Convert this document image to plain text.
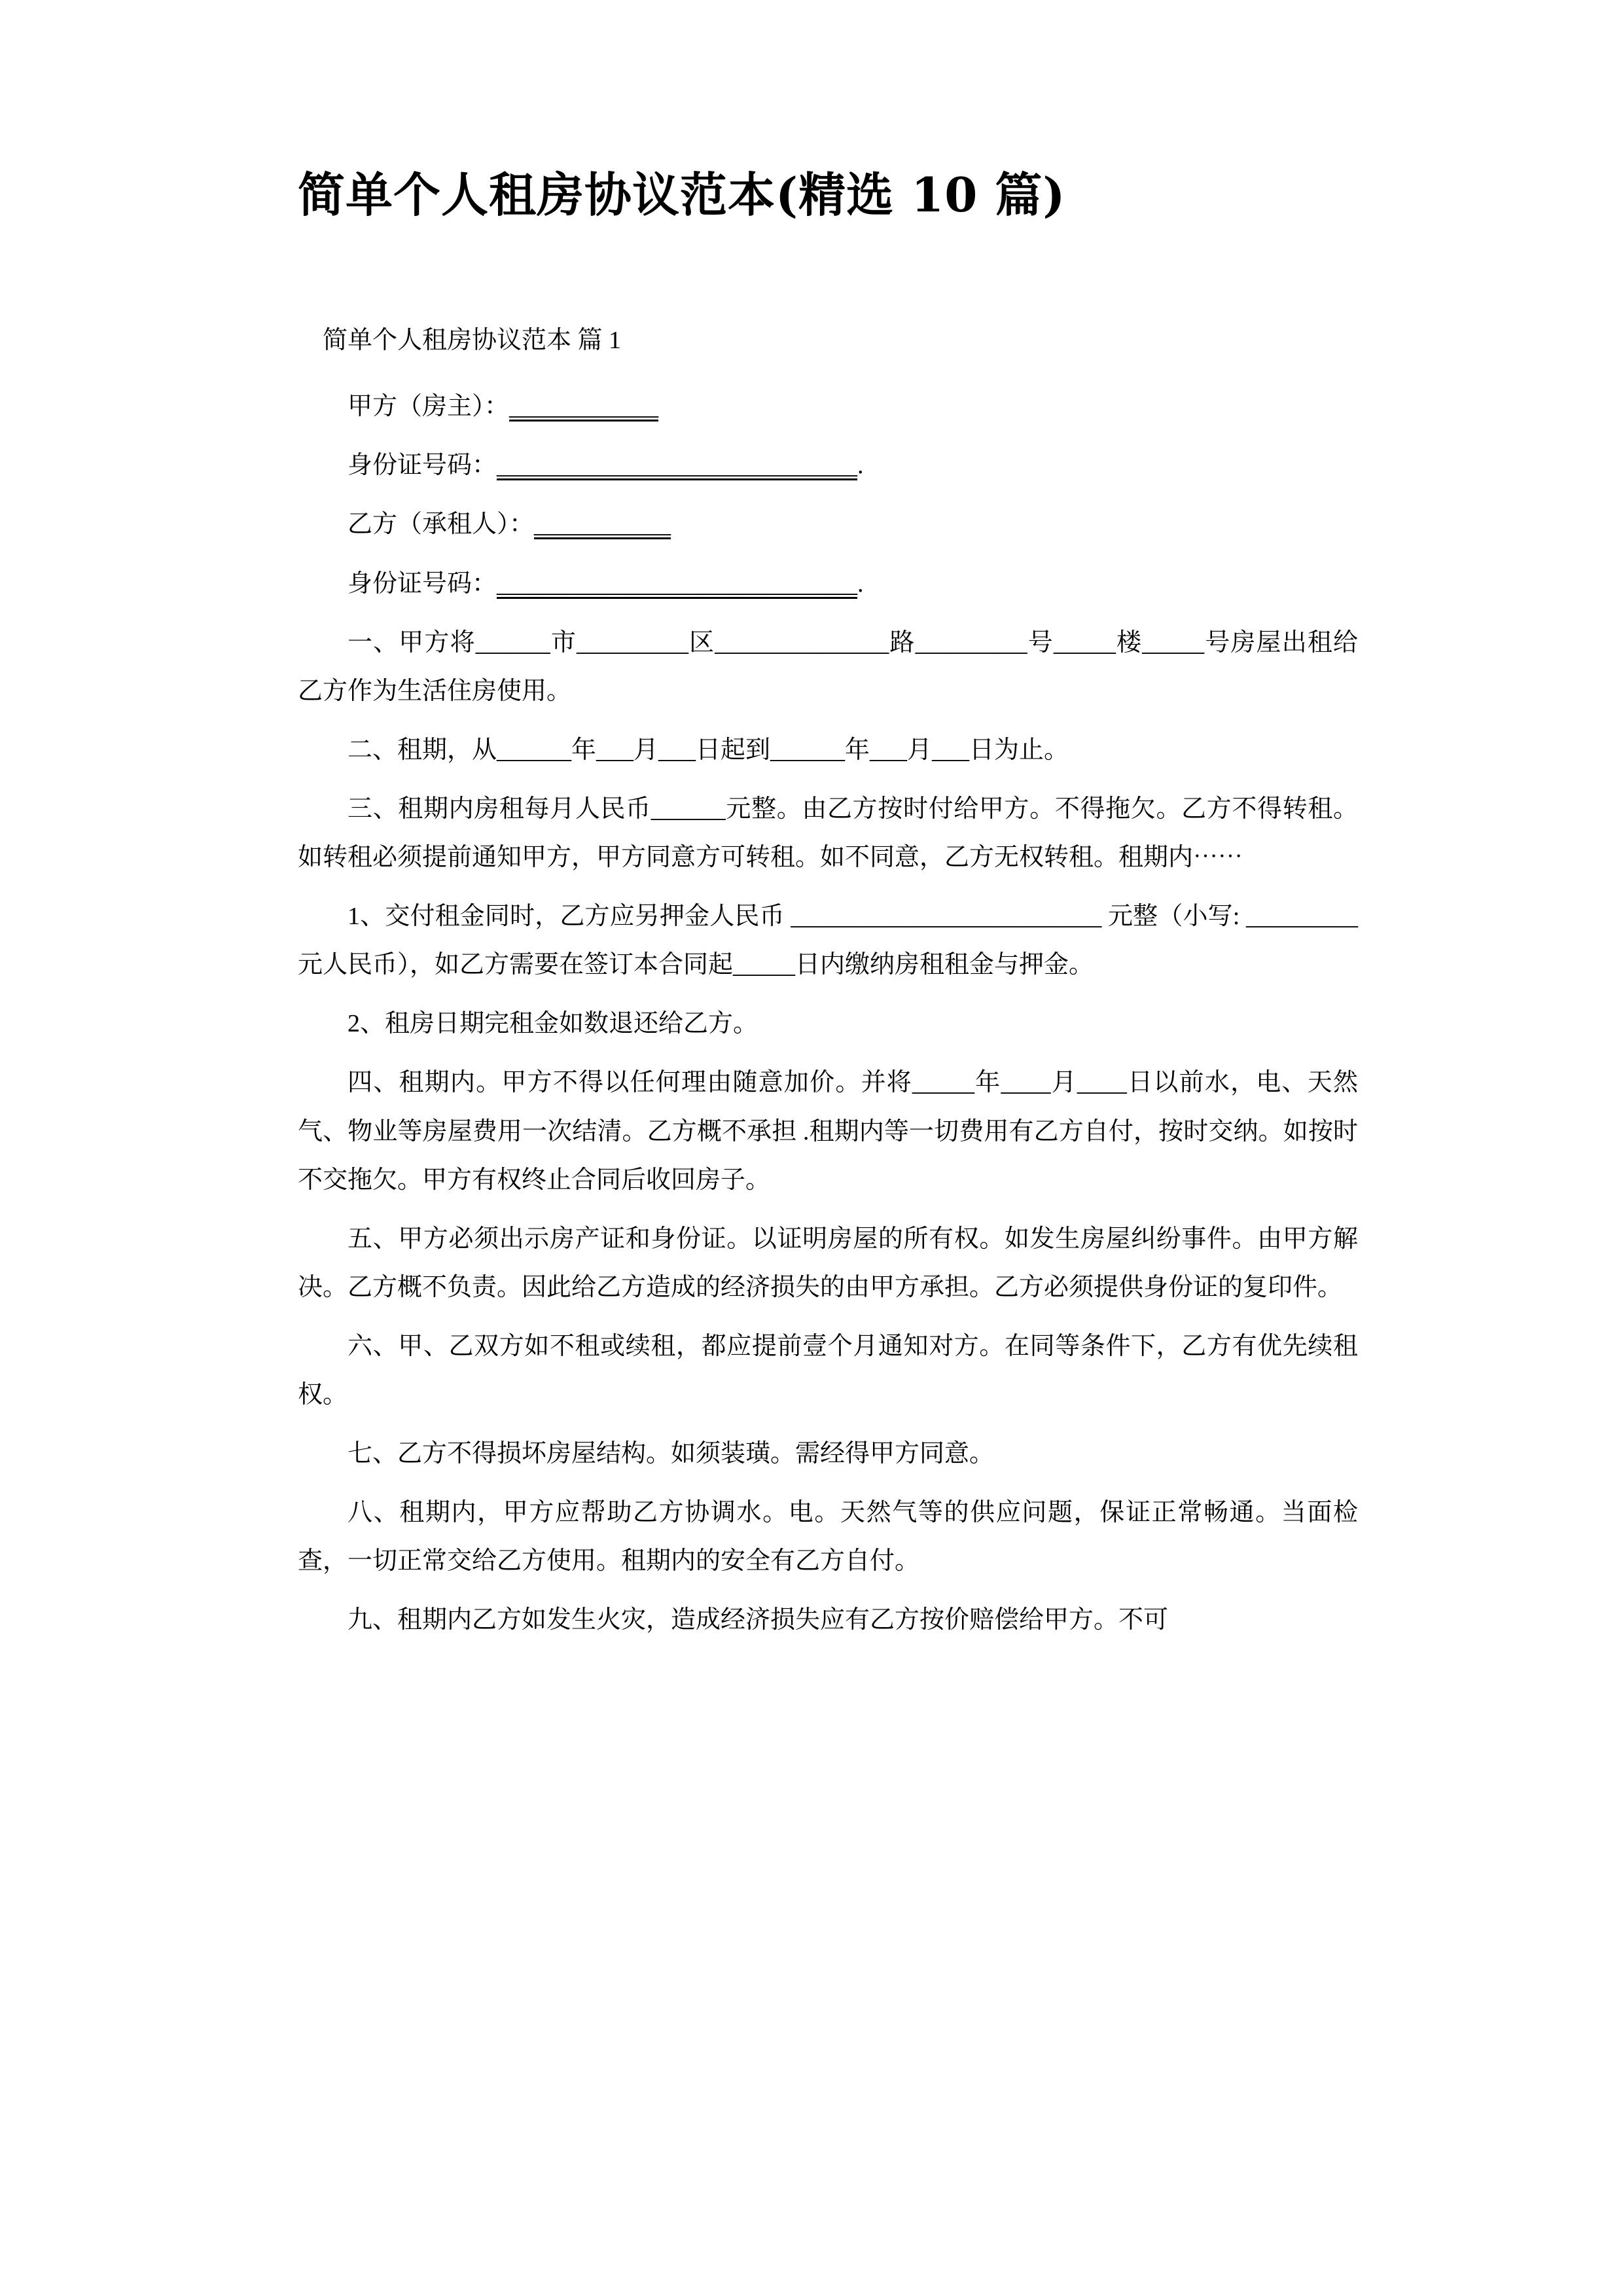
简单个人租房协议范本(精选 10 篇)
简单个人租房协议范本 篇 1

甲方（房主）：____________

身份证号码：_____________________________.

乙方（承租人）：___________

身份证号码：_____________________________.

一、甲方将______市_________区______________路_________号_____楼_____号房屋出租给乙方作为生活住房使用。

二、租期，从______年___月___日起到______年___月___日为止。

三、租期内房租每月人民币______元整。由乙方按时付给甲方。不得拖欠。乙方不得转租。如转租必须提前通知甲方，甲方同意方可转租。如不同意，乙方无权转租。租期内⋯⋯

1、交付租金同时，乙方应另押金人民币 _________________________ 元整（小写: _________ 元人民币），如乙方需要在签订本合同起_____日内缴纳房租租金与押金。

2、租房日期完租金如数退还给乙方。

四、租期内。甲方不得以任何理由随意加价。并将_____年____月____日以前水，电、天然气、物业等房屋费用一次结清。乙方概不承担 .租期内等一切费用有乙方自付，按时交纳。如按时不交拖欠。甲方有权终止合同后收回房子。

五、甲方必须出示房产证和身份证。以证明房屋的所有权。如发生房屋纠纷事件。由甲方解决。乙方概不负责。因此给乙方造成的经济损失的由甲方承担。乙方必须提供身份证的复印件。

六、甲、乙双方如不租或续租，都应提前壹个月通知对方。在同等条件下，乙方有优先续租权。

七、乙方不得损坏房屋结构。如须装璜。需经得甲方同意。

八、租期内，甲方应帮助乙方协调水。电。天然气等的供应问题，保证正常畅通。当面检查，一切正常交给乙方使用。租期内的安全有乙方自付。

九、租期内乙方如发生火灾，造成经济损失应有乙方按价赔偿给甲方。不可
